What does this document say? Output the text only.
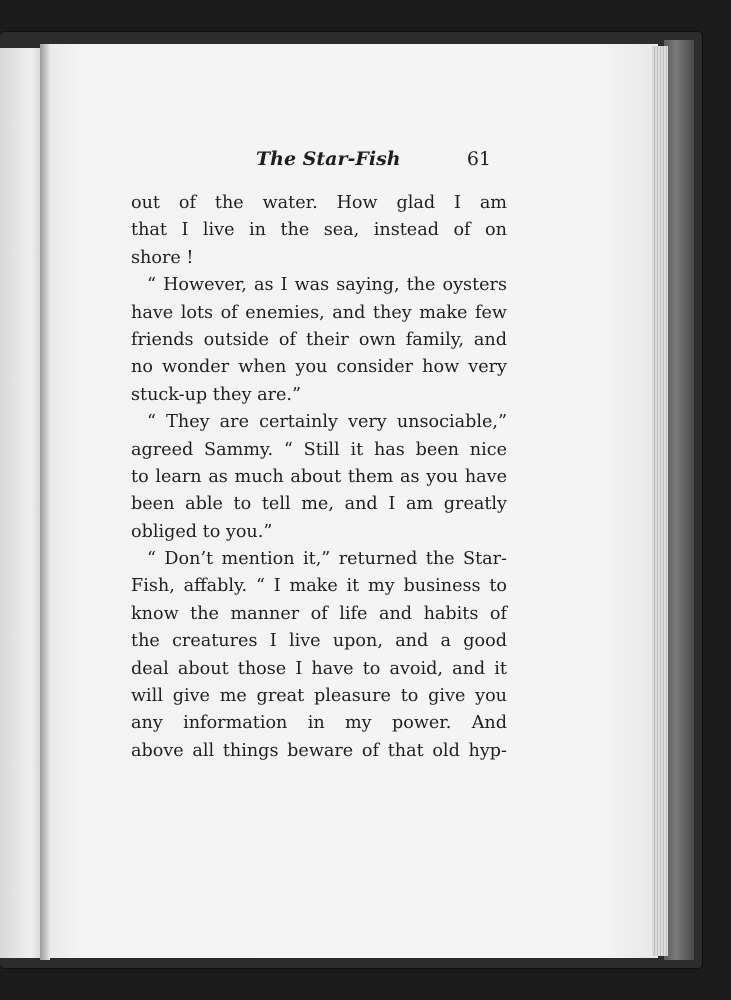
The Star-Fish	61
out of the water. How glad I am
that I live in the sea, instead of on
shore !
“ However, as I was saying, the oysters
have lots of enemies, and they make few
friends outside of their own family, and
no wonder when you consider how very
stuck-up they are.”
“ They are certainly very unsociable,”
agreed Sammy. “ Still it has been nice
to learn as much about them as you have
been able to tell me, and I am greatly
obliged to you.”
“ Don’t mention it,” returned the Star-
Fish, affably. “ I make it my business to
know the manner of life and habits of
the creatures I live upon, and a good
deal about those I have to avoid, and it
will give me great pleasure to give you
any information in my power. And
above all things beware of that old hyp-
